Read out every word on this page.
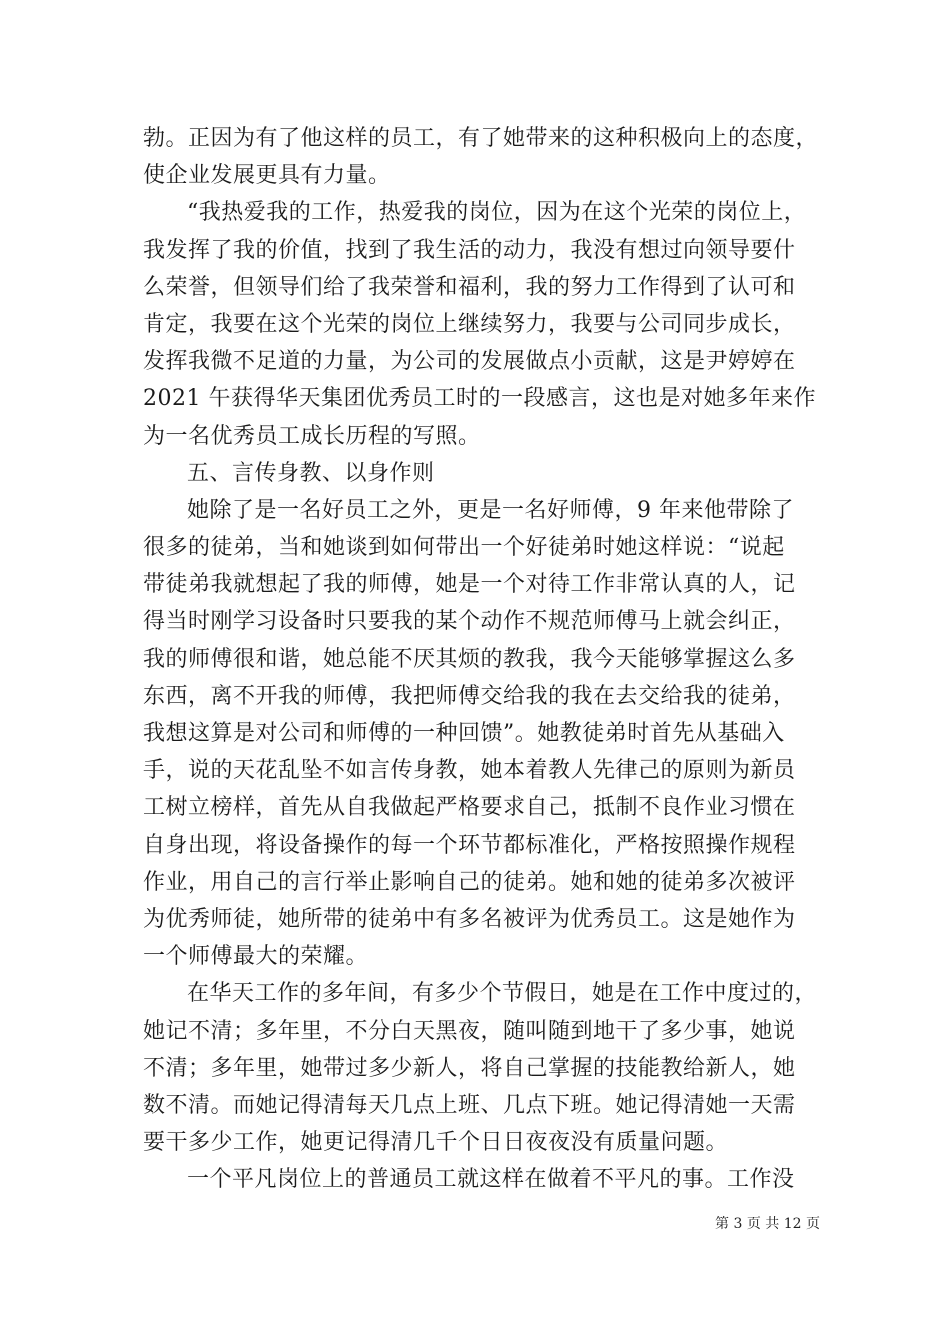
勃。正因为有了他这样的员工，有了她带来的这种积极向上的态度，
使企业发展更具有力量。
“我热爱我的工作，热爱我的岗位，因为在这个光荣的岗位上，
我发挥了我的价值，找到了我生活的动力，我没有想过向领导要什
么荣誉，但领导们给了我荣誉和福利，我的努力工作得到了认可和
肯定，我要在这个光荣的岗位上继续努力，我要与公司同步成长，
发挥我微不足道的力量，为公司的发展做点小贡献，这是尹婷婷在
2021 午获得华天集团优秀员工时的一段感言，这也是对她多年来作
为一名优秀员工成长历程的写照。
五、言传身教、以身作则
她除了是一名好员工之外，更是一名好师傅，9 年来他带除了
很多的徒弟，当和她谈到如何带出一个好徒弟时她这样说：“说起
带徒弟我就想起了我的师傅，她是一个对待工作非常认真的人，记
得当时刚学习设备时只要我的某个动作不规范师傅马上就会纠正，
我的师傅很和谐，她总能不厌其烦的教我，我今天能够掌握这么多
东西，离不开我的师傅，我把师傅交给我的我在去交给我的徒弟，
我想这算是对公司和师傅的一种回馈”。她教徒弟时首先从基础入
手，说的天花乱坠不如言传身教，她本着教人先律己的原则为新员
工树立榜样，首先从自我做起严格要求自己，抵制不良作业习惯在
自身出现，将设备操作的每一个环节都标准化，严格按照操作规程
作业，用自己的言行举止影响自己的徒弟。她和她的徒弟多次被评
为优秀师徒，她所带的徒弟中有多名被评为优秀员工。这是她作为
一个师傅最大的荣耀。
在华天工作的多年间，有多少个节假日，她是在工作中度过的，
她记不清；多年里，不分白天黑夜，随叫随到地干了多少事，她说
不清；多年里，她带过多少新人，将自己掌握的技能教给新人，她
数不清。而她记得清每天几点上班、几点下班。她记得清她一天需
要干多少工作，她更记得清几千个日日夜夜没有质量问题。
一个平凡岗位上的普通员工就这样在做着不平凡的事。工作没
第 3 页 共 12 页
